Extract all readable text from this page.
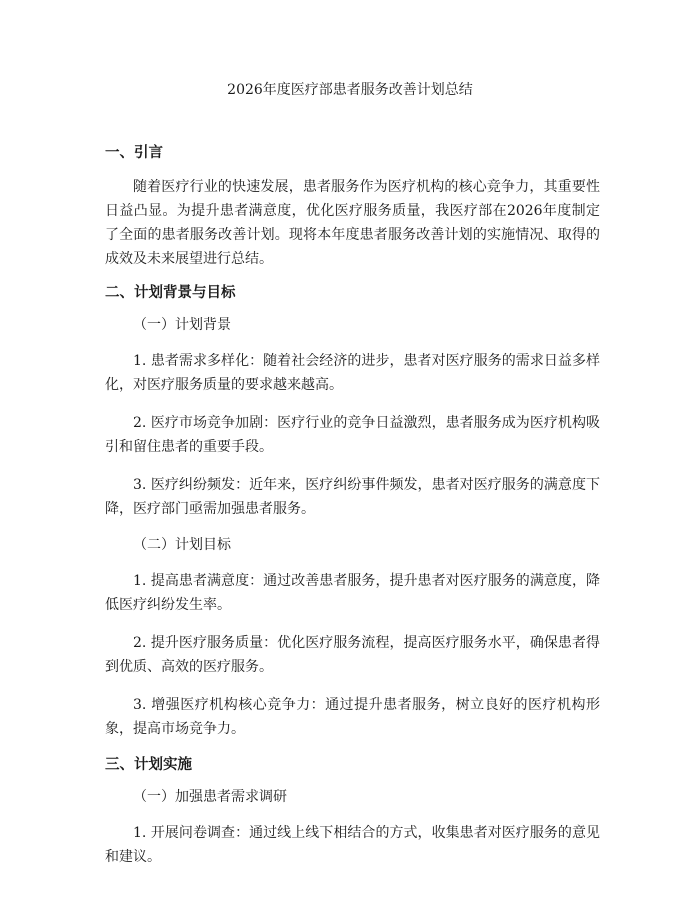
2026年度医疗部患者服务改善计划总结
一、引言

随着医疗行业的快速发展，患者服务作为医疗机构的核心竞争力，其重要性日益凸显。为提升患者满意度，优化医疗服务质量，我医疗部在2026年度制定了全面的患者服务改善计划。现将本年度患者服务改善计划的实施情况、取得的成效及未来展望进行总结。

二、计划背景与目标
（一）计划背景

1. 患者需求多样化：随着社会经济的进步，患者对医疗服务的需求日益多样化，对医疗服务质量的要求越来越高。

2. 医疗市场竞争加剧：医疗行业的竞争日益激烈，患者服务成为医疗机构吸引和留住患者的重要手段。

3. 医疗纠纷频发：近年来，医疗纠纷事件频发，患者对医疗服务的满意度下降，医疗部门亟需加强患者服务。

（二）计划目标

1. 提高患者满意度：通过改善患者服务，提升患者对医疗服务的满意度，降低医疗纠纷发生率。

2. 提升医疗服务质量：优化医疗服务流程，提高医疗服务水平，确保患者得到优质、高效的医疗服务。

3. 增强医疗机构核心竞争力：通过提升患者服务，树立良好的医疗机构形象，提高市场竞争力。

三、计划实施
（一）加强患者需求调研

1. 开展问卷调查：通过线上线下相结合的方式，收集患者对医疗服务的意见和建议。
